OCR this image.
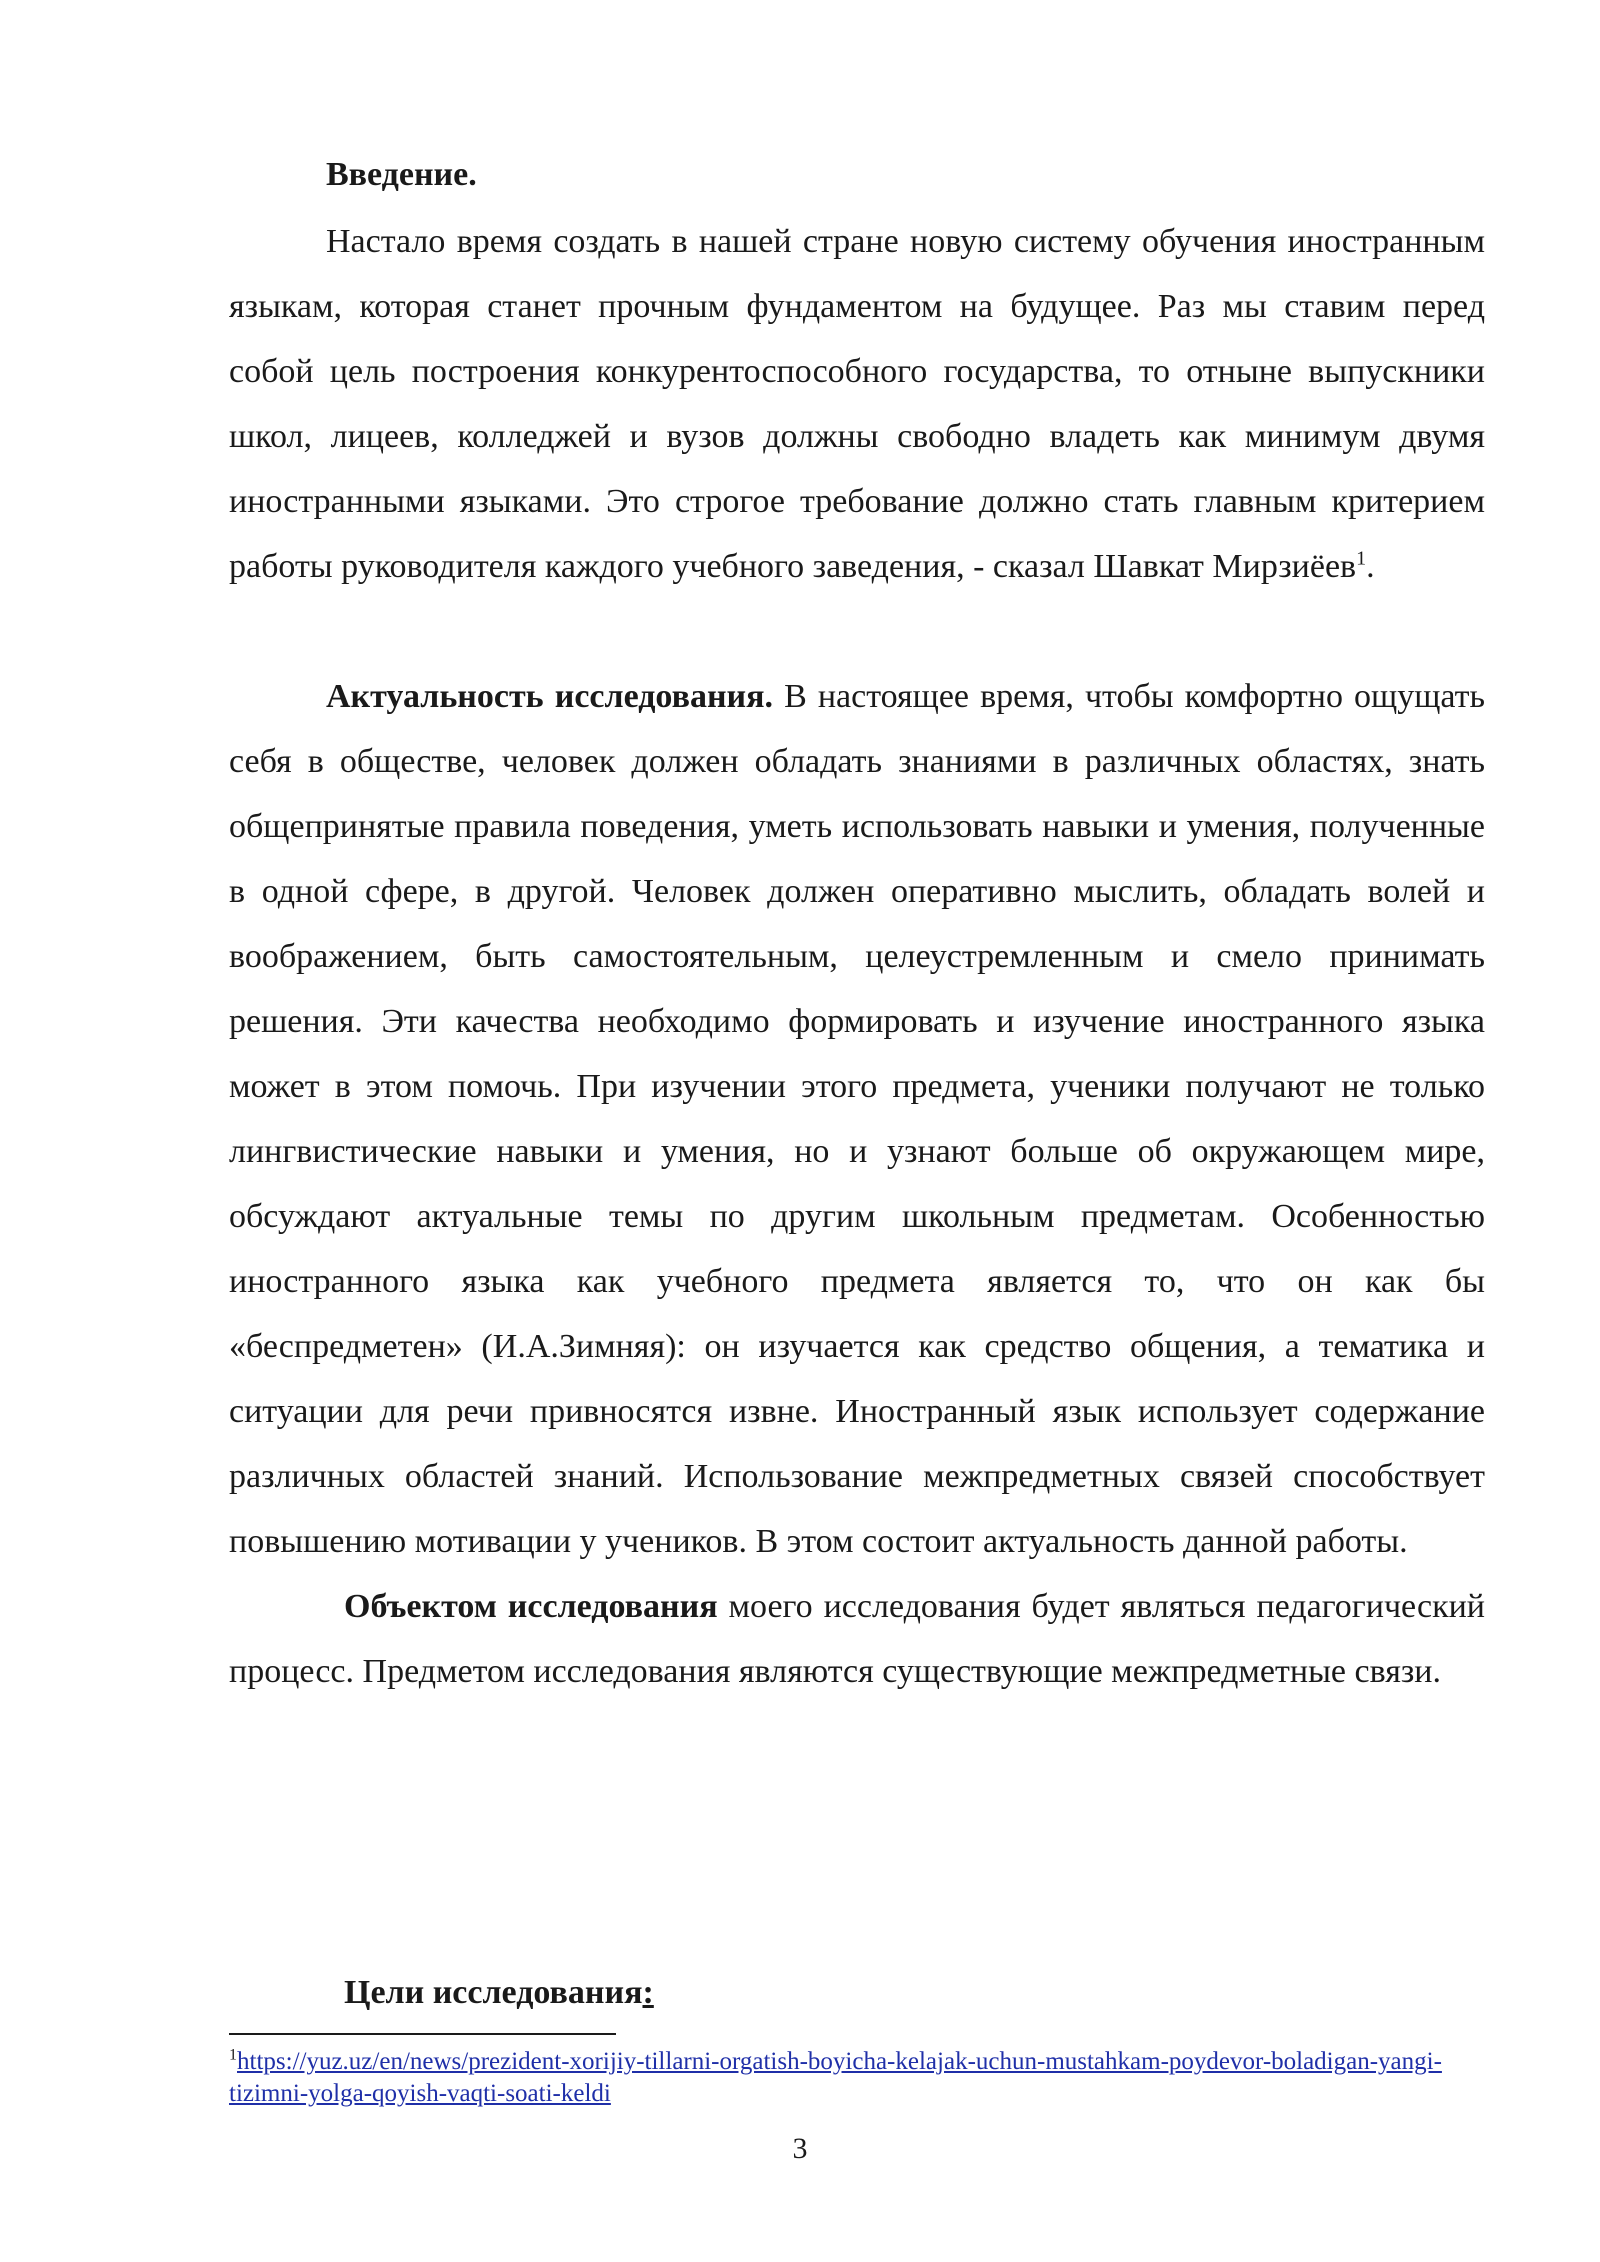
Введение.

Настало время создать в нашей стране новую систему обучения иностранным языкам, которая станет прочным фундаментом на будущее. Раз мы ставим перед собой цель построения конкурентоспособного государства, то отныне выпускники школ, лицеев, колледжей и вузов должны свободно владеть как минимум двумя иностранными языками. Это строгое требование должно стать главным критерием работы руководителя каждого учебного заведения, - сказал Шавкат Мирзиёев$^1$.

Актуальность исследования. В настоящее время, чтобы комфортно ощущать себя в обществе, человек должен обладать знаниями в различных областях, знать общепринятые правила поведения, уметь использовать навыки и умения, полученные в одной сфере, в другой. Человек должен оперативно мыслить, обладать волей и воображением, быть самостоятельным, целеустремленным и смело принимать решения. Эти качества необходимо формировать и изучение иностранного языка может в этом помочь. При изучении этого предмета, ученики получают не только лингвистические навыки и умения, но и узнают больше об окружающем мире, обсуждают актуальные темы по другим школьным предметам. Особенностью иностранного языка как учебного предмета является то, что он как бы «беспредметен» (И.А.Зимняя): он изучается как средство общения, а тематика и ситуации для речи привносятся извне. Иностранный язык использует содержание различных областей знаний. Использование межпредметных связей способствует повышению мотивации у учеников. В этом состоит актуальность данной работы.

Объектом исследования моего исследования будет являться педагогический процесс. Предметом исследования являются существующие межпредметные связи.

Цели исследования:
$^1$https://yuz.uz/en/news/prezident-xorijiy-tillarni-orgatish-boyicha-kelajak-uchun-mustahkam-poydevor-boladigan-yangi-tizimni-yolga-qoyish-vaqti-soati-keldi
3
